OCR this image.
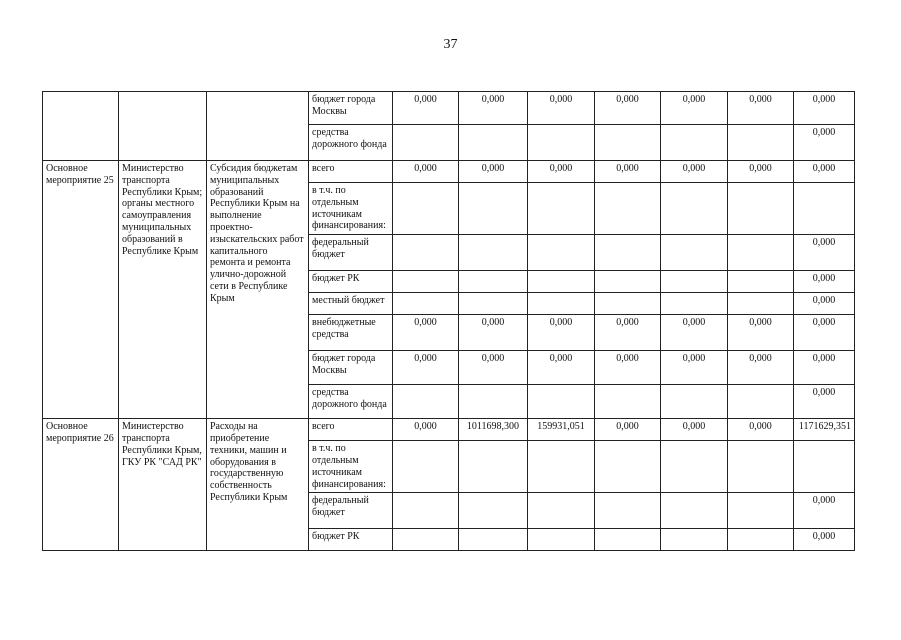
37
			бюджет города Москвы	0,000	0,000	0,000	0,000	0,000	0,000	0,000
			средства дорожного фонда							0,000
Основное мероприятие 25	Министерство транспорта Республики Крым; органы местного самоуправления муниципальных образований в Республике Крым	Субсидия бюджетам муниципальных образований Республики Крым на выполнение проектно-изыскательских работ капитального ремонта и ремонта улично-дорожной сети в Республике Крым	всего	0,000	0,000	0,000	0,000	0,000	0,000	0,000
			в т.ч. по отдельным источникам финансирования:							
			федеральный бюджет							0,000
			бюджет РК							0,000
			местный бюджет							0,000
			внебюджетные средства	0,000	0,000	0,000	0,000	0,000	0,000	0,000
			бюджет города Москвы	0,000	0,000	0,000	0,000	0,000	0,000	0,000
			средства дорожного фонда							0,000
Основное мероприятие 26	Министерство транспорта Республики Крым, ГКУ РК "САД РК"	Расходы на приобретение техники, машин и оборудования в государственную собственность Республики Крым	всего	0,000	1011698,300	159931,051	0,000	0,000	0,000	1171629,351
			в т.ч. по отдельным источникам финансирования:							
			федеральный бюджет							0,000
			бюджет РК							0,000
